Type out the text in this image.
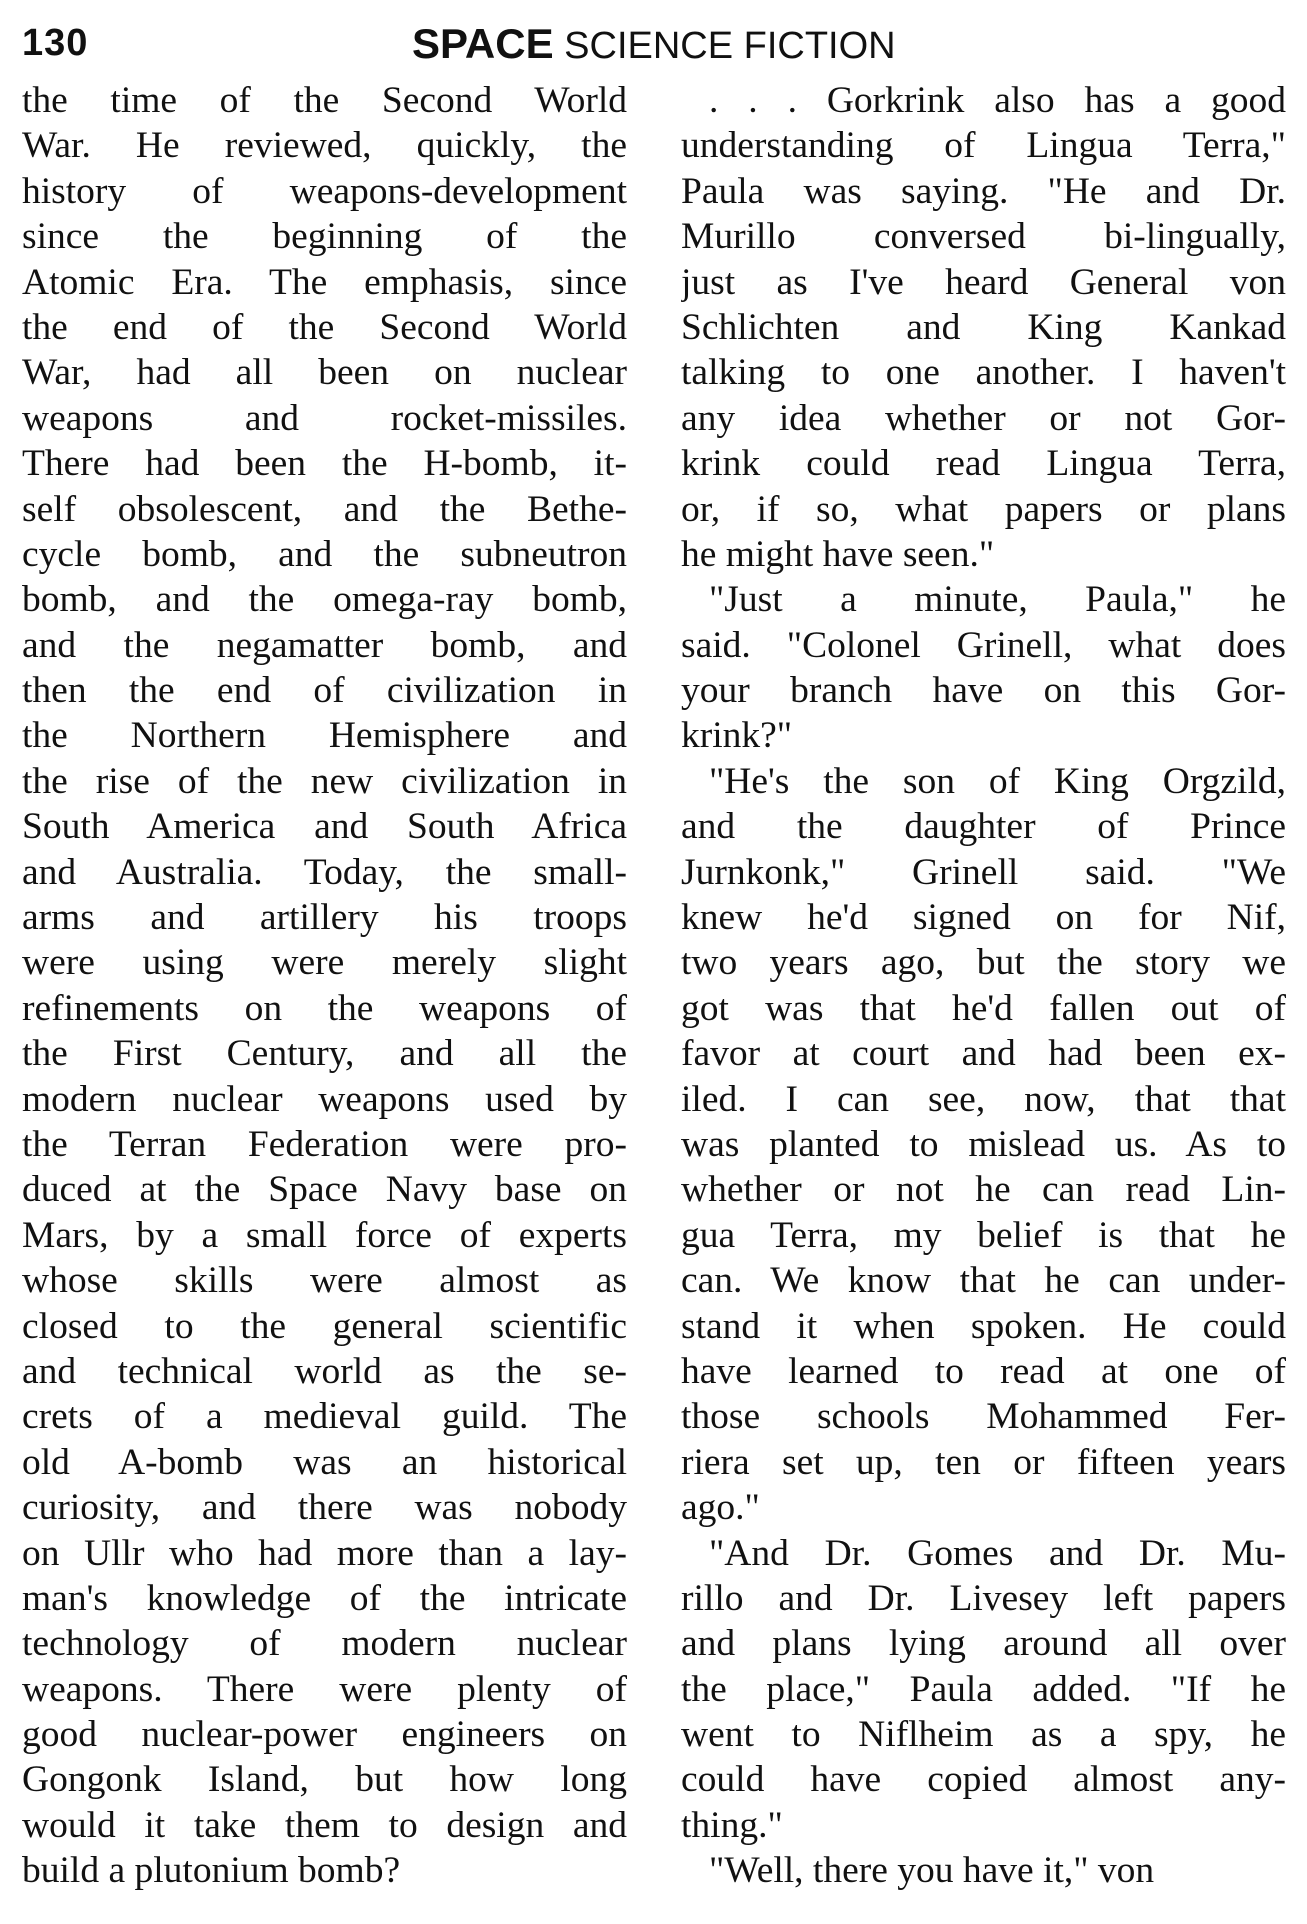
130	SPACE SCIENCE FICTION
the time of the Second World
War. He reviewed, quickly, the
history of weapons-development
since the beginning of the
Atomic Era. The emphasis, since
the end of the Second World
War, had all been on nuclear
weapons and rocket-missiles.
There had been the H-bomb, it-
self obsolescent, and the Bethe-
cycle bomb, and the subneutron
bomb, and the omega-ray bomb,
and the negamatter bomb, and
then the end of civilization in
the Northern Hemisphere and
the rise of the new civilization in
South America and South Africa
and Australia. Today, the small-
arms and artillery his troops
were using were merely slight
refinements on the weapons of
the First Century, and all the
modern nuclear weapons used by
the Terran Federation were pro-
duced at the Space Navy base on
Mars, by a small force of experts
whose skills were almost as
closed to the general scientific
and technical world as the se-
crets of a medieval guild. The
old A-bomb was an historical
curiosity, and there was nobody
on Ullr who had more than a lay-
man's knowledge of the intricate
technology of modern nuclear
weapons. There were plenty of
good nuclear-power engineers on
Gongonk Island, but how long
would it take them to design and
build a plutonium bomb?
. . . Gorkrink also has a good
understanding of Lingua Terra,"
Paula was saying. "He and Dr.
Murillo conversed bi-lingually,
just as I've heard General von
Schlichten and King Kankad
talking to one another. I haven't
any idea whether or not Gor-
krink could read Lingua Terra,
or, if so, what papers or plans
he might have seen."
"Just a minute, Paula," he
said. "Colonel Grinell, what does
your branch have on this Gor-
krink?"
"He's the son of King Orgzild,
and the daughter of Prince
Jurnkonk," Grinell said. "We
knew he'd signed on for Nif,
two years ago, but the story we
got was that he'd fallen out of
favor at court and had been ex-
iled. I can see, now, that that
was planted to mislead us. As to
whether or not he can read Lin-
gua Terra, my belief is that he
can. We know that he can under-
stand it when spoken. He could
have learned to read at one of
those schools Mohammed Fer-
riera set up, ten or fifteen years
ago."
"And Dr. Gomes and Dr. Mu-
rillo and Dr. Livesey left papers
and plans lying around all over
the place," Paula added. "If he
went to Niflheim as a spy, he
could have copied almost any-
thing."
"Well, there you have it," von
